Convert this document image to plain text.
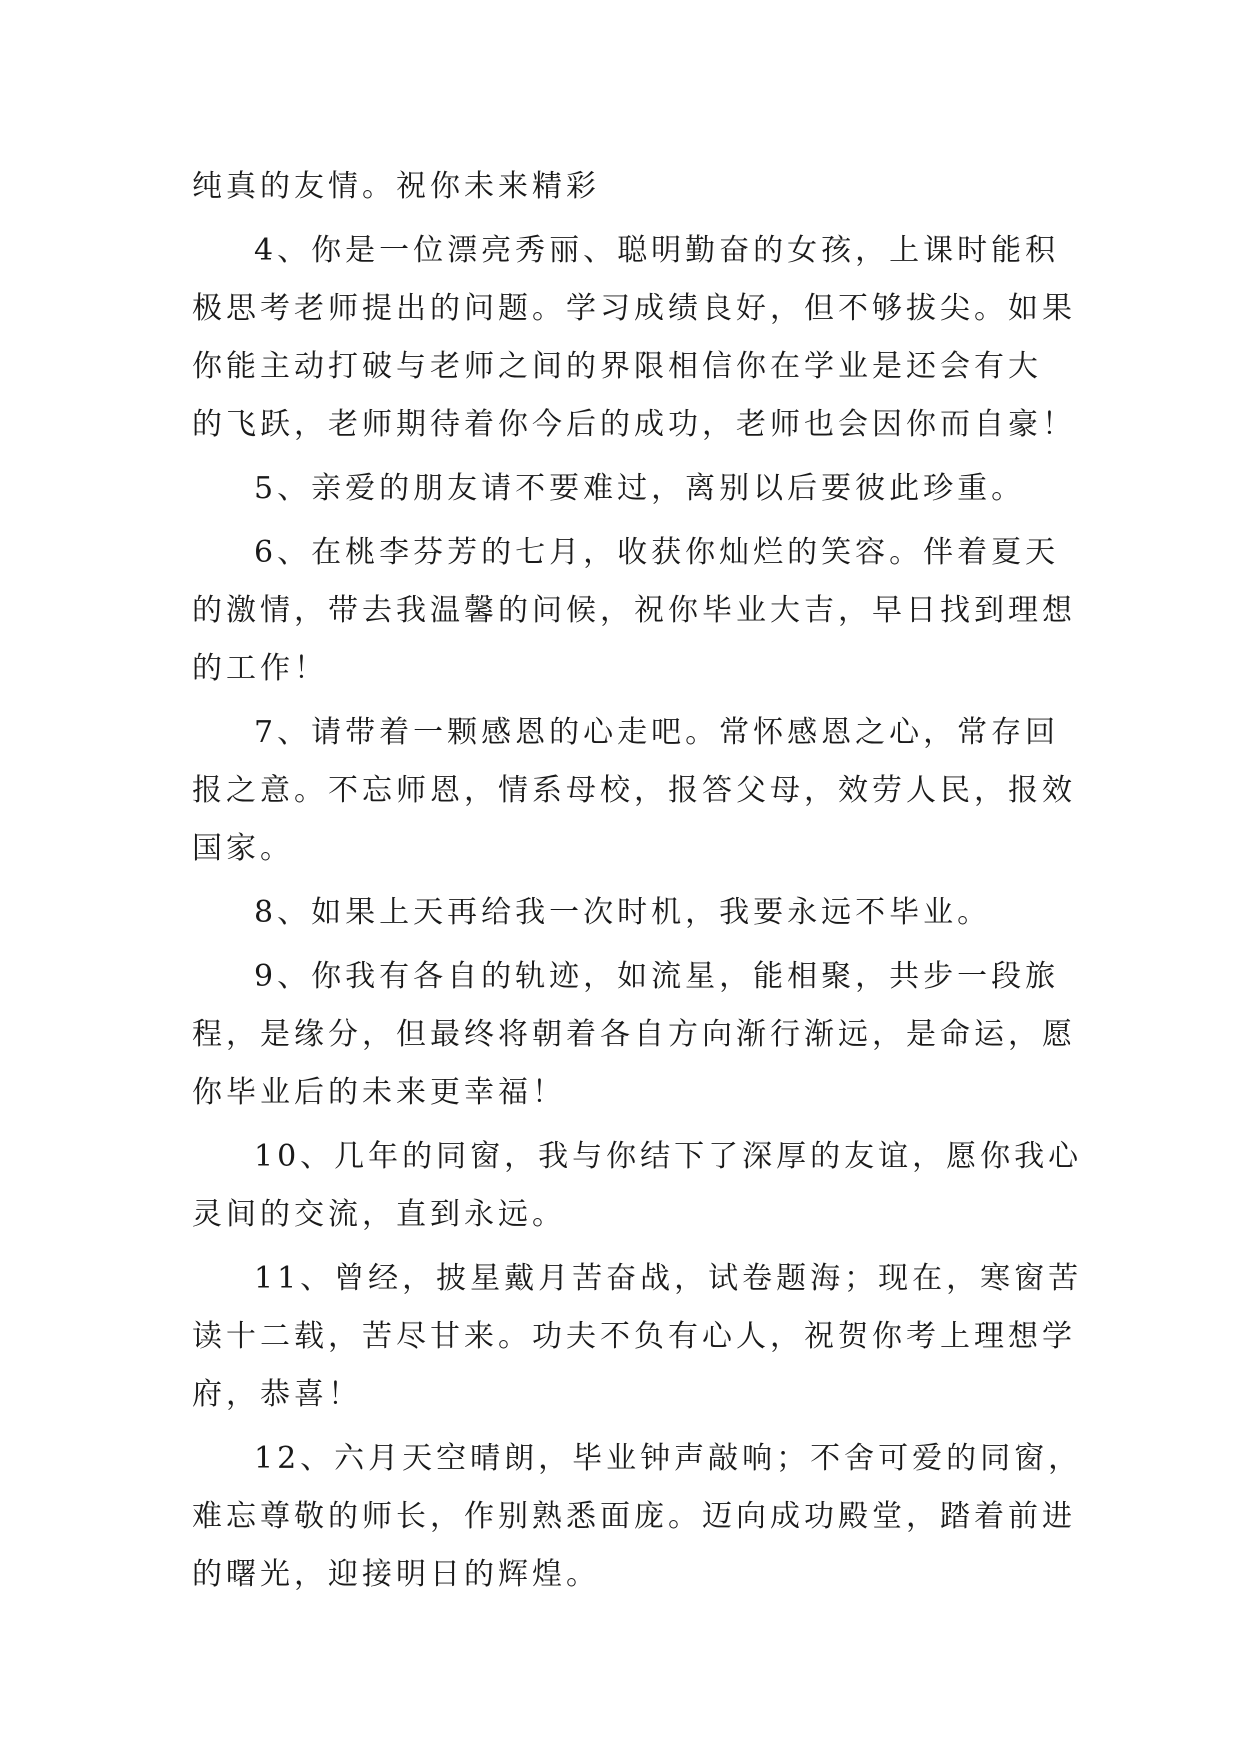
纯真的友情。祝你未来精彩
4、你是一位漂亮秀丽、聪明勤奋的女孩，上课时能积
极思考老师提出的问题。学习成绩良好，但不够拔尖。如果
你能主动打破与老师之间的界限相信你在学业是还会有大
的飞跃，老师期待着你今后的成功，老师也会因你而自豪！
5、亲爱的朋友请不要难过，离别以后要彼此珍重。
6、在桃李芬芳的七月，收获你灿烂的笑容。伴着夏天
的激情，带去我温馨的问候，祝你毕业大吉，早日找到理想
的工作！
7、请带着一颗感恩的心走吧。常怀感恩之心，常存回
报之意。不忘师恩，情系母校，报答父母，效劳人民，报效
国家。
8、如果上天再给我一次时机，我要永远不毕业。
9、你我有各自的轨迹，如流星，能相聚，共步一段旅
程，是缘分，但最终将朝着各自方向渐行渐远，是命运，愿
你毕业后的未来更幸福！
10、几年的同窗，我与你结下了深厚的友谊，愿你我心
灵间的交流，直到永远。
11、曾经，披星戴月苦奋战，试卷题海；现在，寒窗苦
读十二载，苦尽甘来。功夫不负有心人，祝贺你考上理想学
府，恭喜！
12、六月天空晴朗，毕业钟声敲响；不舍可爱的同窗，
难忘尊敬的师长，作别熟悉面庞。迈向成功殿堂，踏着前进
的曙光，迎接明日的辉煌。
